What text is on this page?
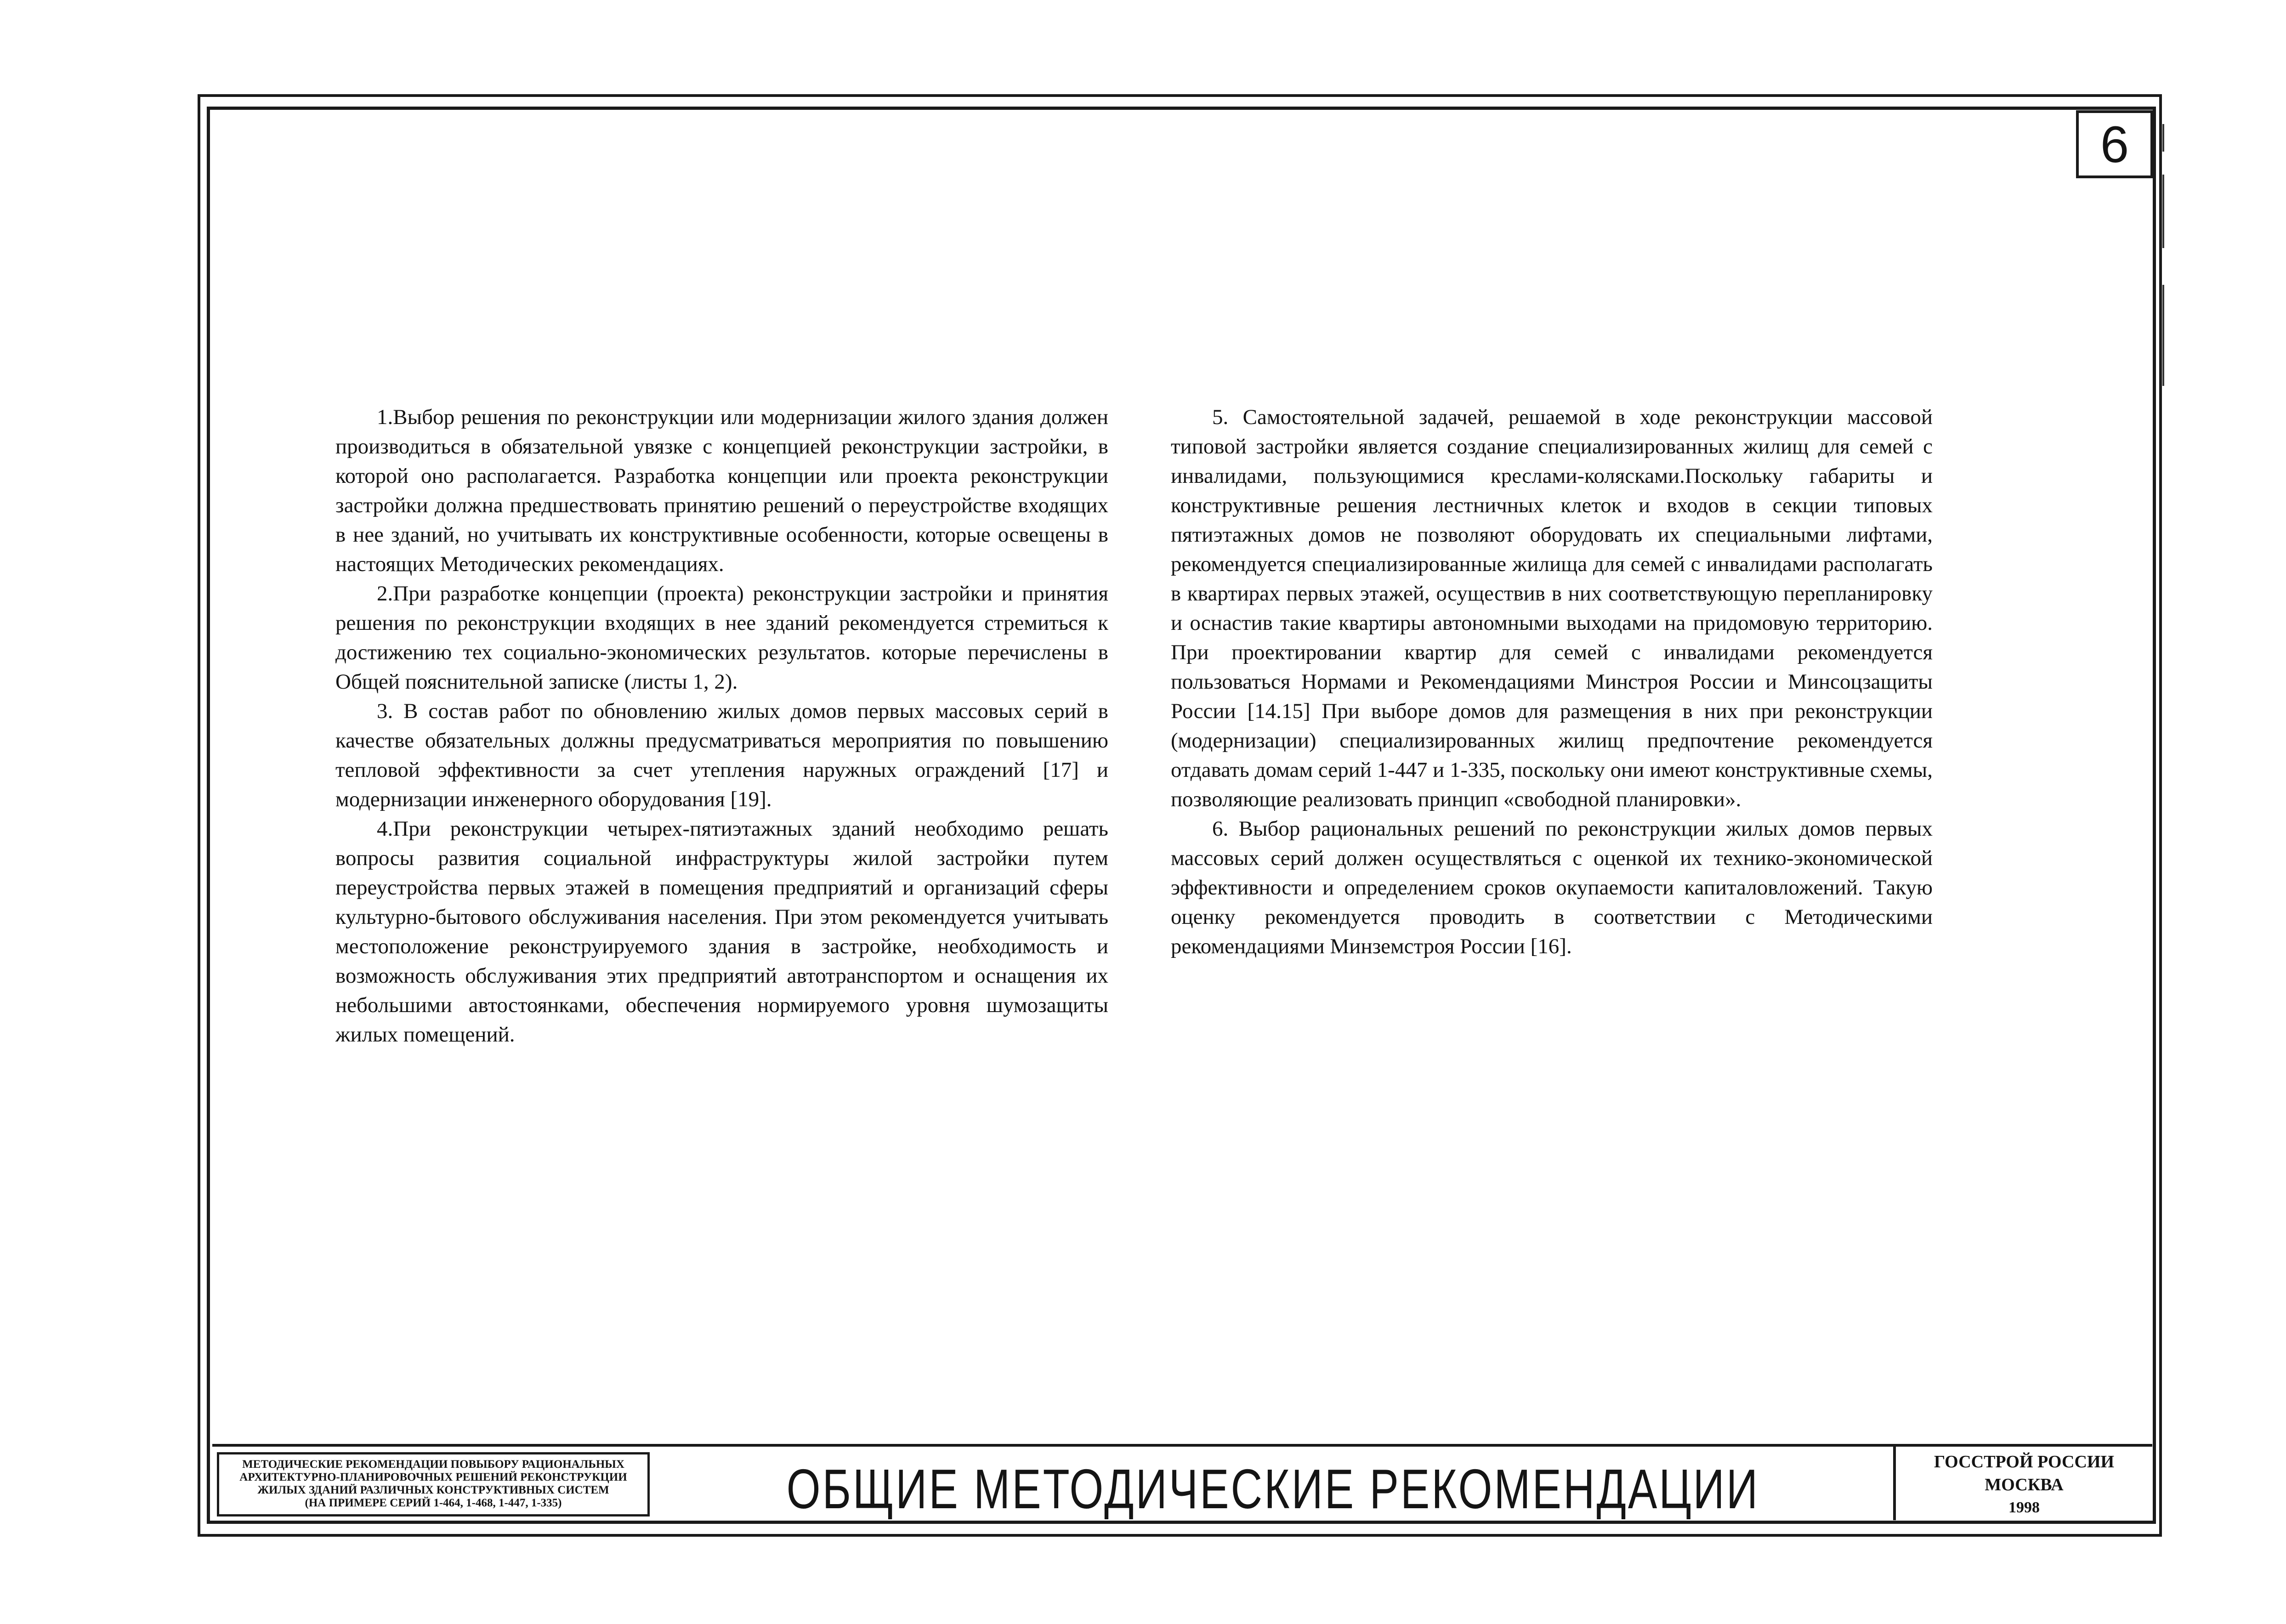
6

1.Выбор решения по реконструкции или модернизации жилого здания должен производиться в обязательной увязке с концепцией реконструкции застройки, в которой оно располагается. Разработка концепции или проекта реконструкции застройки должна предшествовать принятию решений о переустройстве входящих в нее зданий, но учитывать их конструктивные особенности, которые освещены в настоящих Методических рекомендациях.

2.При разработке концепции (проекта) реконструкции застройки и принятия решения по реконструкции входящих в нее зданий рекомендуется стремиться к достижению тех социально-экономических результатов. которые перечислены в Общей пояснительной записке (листы 1, 2).

3. В состав работ по обновлению жилых домов первых массовых серий в качестве обязательных должны предусматриваться мероприятия по повышению тепловой эффективности за счет утепления наружных ограждений [17] и модернизации инженерного оборудования [19].

4.При реконструкции четырех-пятиэтажных зданий необходимо решать вопросы развития социальной инфраструктуры жилой застройки путем переустройства первых этажей в помещения предприятий и организаций сферы культурно-бытового обслуживания населения. При этом рекомендуется учитывать местоположение реконструируемого здания в застройке, необходимость и возможность обслуживания этих предприятий автотранспортом и оснащения их небольшими автостоянками, обеспечения нормируемого уровня шумозащиты жилых помещений.

5. Самостоятельной задачей, решаемой в ходе реконструкции массовой типовой застройки является создание специализированных жилищ для семей с инвалидами, пользующимися креслами-колясками.Поскольку габариты и конструктивные решения лестничных клеток и входов в секции типовых пятиэтажных домов не позволяют оборудовать их специальными лифтами, рекомендуется специализированные жилища для семей с инвалидами располагать в квартирах первых этажей, осуществив в них соответствующую перепланировку и оснастив такие квартиры автономными выходами на придомовую территорию. При проектировании квартир для семей с инвалидами рекомендуется пользоваться Нормами и Рекомендациями Минстроя России и Минсоцзащиты России [14.15] При выборе домов для размещения в них при реконструкции (модернизации) специализированных жилищ предпочтение рекомендуется отдавать домам серий 1-447 и 1-335, поскольку они имеют конструктивные схемы, позволяющие реализовать принцип «свободной планировки».

6. Выбор рациональных решений по реконструкции жилых домов первых массовых серий должен осуществляться с оценкой их технико-экономической эффективности и определением сроков окупаемости капиталовложений. Такую оценку рекомендуется проводить в соответствии с Методическими рекомендациями Минземстроя России [16].

МЕТОДИЧЕСКИЕ РЕКОМЕНДАЦИИ ПОВЫБОРУ РАЦИОНАЛЬНЫХ
АРХИТЕКТУРНО-ПЛАНИРОВОЧНЫХ РЕШЕНИЙ РЕКОНСТРУКЦИИ
ЖИЛЫХ ЗДАНИЙ РАЗЛИЧНЫХ КОНСТРУКТИВНЫХ СИСТЕМ
(НА ПРИМЕРЕ СЕРИЙ 1-464, 1-468, 1-447, 1-335)	ОБЩИЕ МЕТОДИЧЕСКИЕ РЕКОМЕНДАЦИИ	ГОССТРОЙ РОССИИ
МОСКВА
1998
